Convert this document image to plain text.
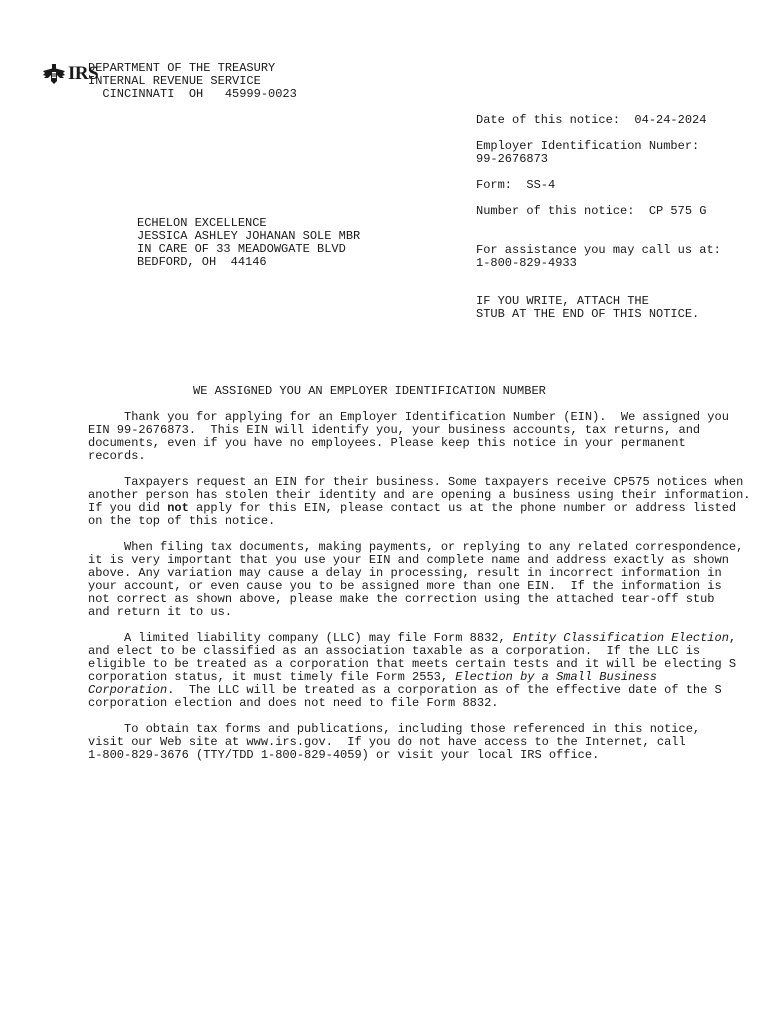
IRS
DEPARTMENT OF THE TREASURY
INTERNAL REVENUE SERVICE
CINCINNATI  OH   45999-0023
Date of this notice:  04-24-2024
Employer Identification Number:
99-2676873
Form:  SS-4
Number of this notice:  CP 575 G
For assistance you may call us at:
1-800-829-4933
IF YOU WRITE, ATTACH THE
STUB AT THE END OF THIS NOTICE.
ECHELON EXCELLENCE
JESSICA ASHLEY JOHANAN SOLE MBR
IN CARE OF 33 MEADOWGATE BLVD
BEDFORD, OH  44146
WE ASSIGNED YOU AN EMPLOYER IDENTIFICATION NUMBER
Thank you for applying for an Employer Identification Number (EIN).  We assigned you
EIN 99-2676873.  This EIN will identify you, your business accounts, tax returns, and
documents, even if you have no employees. Please keep this notice in your permanent
records.
Taxpayers request an EIN for their business. Some taxpayers receive CP575 notices when
another person has stolen their identity and are opening a business using their information.
If you did not apply for this EIN, please contact us at the phone number or address listed
on the top of this notice.
When filing tax documents, making payments, or replying to any related correspondence,
it is very important that you use your EIN and complete name and address exactly as shown
above. Any variation may cause a delay in processing, result in incorrect information in
your account, or even cause you to be assigned more than one EIN.  If the information is
not correct as shown above, please make the correction using the attached tear-off stub
and return it to us.
A limited liability company (LLC) may file Form 8832, Entity Classification Election,
and elect to be classified as an association taxable as a corporation.  If the LLC is
eligible to be treated as a corporation that meets certain tests and it will be electing S
corporation status, it must timely file Form 2553, Election by a Small Business
Corporation.  The LLC will be treated as a corporation as of the effective date of the S
corporation election and does not need to file Form 8832.
To obtain tax forms and publications, including those referenced in this notice,
visit our Web site at www.irs.gov.  If you do not have access to the Internet, call
1-800-829-3676 (TTY/TDD 1-800-829-4059) or visit your local IRS office.
